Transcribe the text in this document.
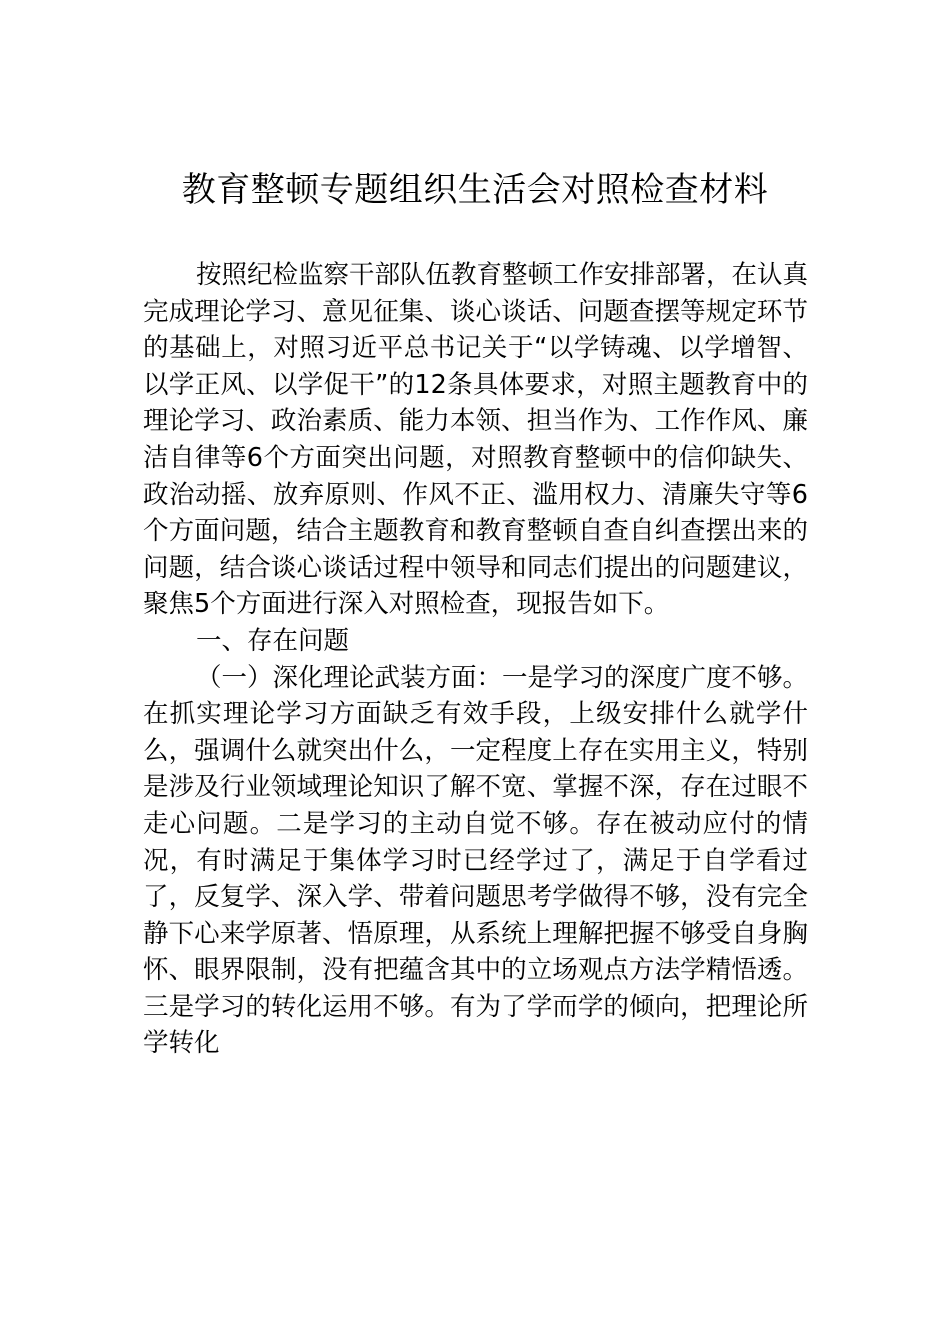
教育整顿专题组织生活会对照检查材料

按照纪检监察干部队伍教育整顿工作安排部署，在认真完成理论学习、意见征集、谈心谈话、问题查摆等规定环节的基础上，对照习近平总书记关于“以学铸魂、以学增智、以学正风、以学促干”的12条具体要求，对照主题教育中的理论学习、政治素质、能力本领、担当作为、工作作风、廉洁自律等6个方面突出问题，对照教育整顿中的信仰缺失、政治动摇、放弃原则、作风不正、滥用权力、清廉失守等6个方面问题，结合主题教育和教育整顿自查自纠查摆出来的问题，结合谈心谈话过程中领导和同志们提出的问题建议，聚焦5个方面进行深入对照检查，现报告如下。

一、存在问题

（一）深化理论武装方面：一是学习的深度广度不够。在抓实理论学习方面缺乏有效手段，上级安排什么就学什么，强调什么就突出什么，一定程度上存在实用主义，特别是涉及行业领域理论知识了解不宽、掌握不深，存在过眼不走心问题。二是学习的主动自觉不够。存在被动应付的情况，有时满足于集体学习时已经学过了，满足于自学看过了，反复学、深入学、带着问题思考学做得不够，没有完全静下心来学原著、悟原理，从系统上理解把握不够受自身胸怀、眼界限制，没有把蕴含其中的立场观点方法学精悟透。三是学习的转化运用不够。有为了学而学的倾向，把理论所学转化
